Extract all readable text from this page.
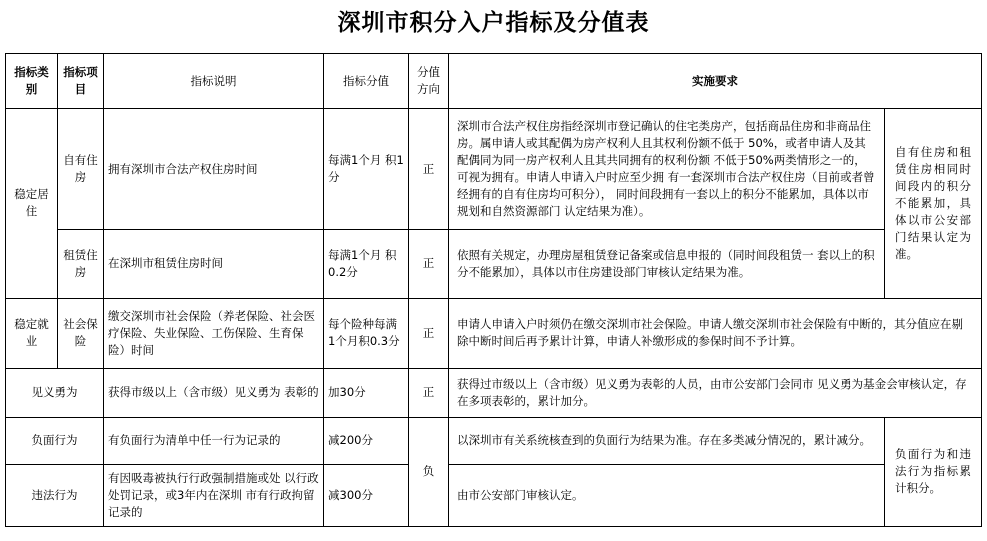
深圳市积分入户指标及分值表
指标类别	指标项目	指标说明	指标分值	分值方向	实施要求	
稳定居住	自有住房	拥有深圳市合法产权住房时间	每满1个月 积1分	正	深圳市合法产权住房指经深圳市登记确认的住宅类房产，包括商品住房和非商品住房。属申请人或其配偶为房产权利人且其权利份额不低于 50%，或者申请人及其配偶同为同一房产权利人且其共同拥有的权利份额 不低于50%两类情形之一的，可视为拥有。申请人申请入户时应至少拥 有一套深圳市合法产权住房（目前或者曾经拥有的自有住房均可积分）， 同时间段拥有一套以上的积分不能累加，具体以市规划和自然资源部门 认定结果为准）。	自有住房和租赁住房相同时间段内的积分不能累加，具体以市公安部门结果认定为准。
	租赁住房	在深圳市租赁住房时间	每满1个月 积0.2分	正	依照有关规定，办理房屋租赁登记备案或信息申报的（同时间段租赁一 套以上的积分不能累加），具体以市住房建设部门审核认定结果为准。	
稳定就业	社会保险	缴交深圳市社会保险（养老保险、社会医疗保险、失业保险、工伤保险、生育保险）时间	每个险种每满1个月积0.3分	正	申请人申请入户时须仍在缴交深圳市社会保险。申请人缴交深圳市社会保险有中断的，其分值应在剔除中断时间后再予累计计算，申请人补缴形成的参保时间不予计算。	
见义勇为		获得市级以上（含市级）见义勇为 表彰的	加30分	正	获得过市级以上（含市级）见义勇为表彰的人员，由市公安部门会同市 见义勇为基金会审核认定，存在多项表彰的，累计加分。	
负面行为		有负面行为清单中任一行为记录的	减200分	负	以深圳市有关系统核查到的负面行为结果为准。存在多类减分情况的，累计减分。	负面行为和违法行为指标累计积分。
违法行为		有因吸毒被执行行政强制措施或处 以行政处罚记录，或3年内在深圳 市有行政拘留记录的	减300分		由市公安部门审核认定。	
